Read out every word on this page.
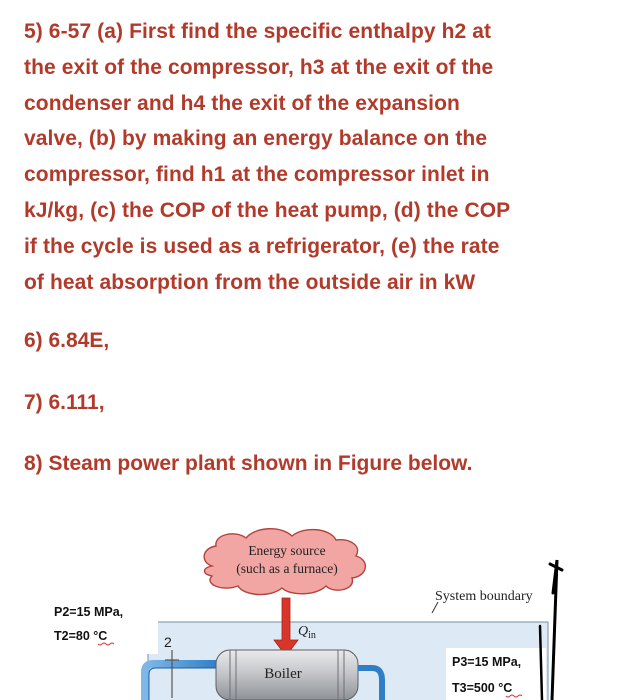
5) 6-57 (a) First find the specific enthalpy h2 at
the exit of the compressor, h3 at the exit of the
condenser and h4 the exit of the expansion
valve, (b) by making an energy balance on the
compressor, find h1 at the compressor inlet in
kJ/kg, (c) the COP of the heat pump, (d) the COP
if the cycle is used as a refrigerator, (e) the rate
of heat absorption from the outside air in kW
6) 6.84E,
7) 6.111,
8) Steam power plant shown in Figure below.
Energy source
(such as a furnace)
System boundary
$Q_{in}$
2
Boiler
P2=15 MPa,
T2=80 °C
P3=15 MPa,
T3=500 °C
